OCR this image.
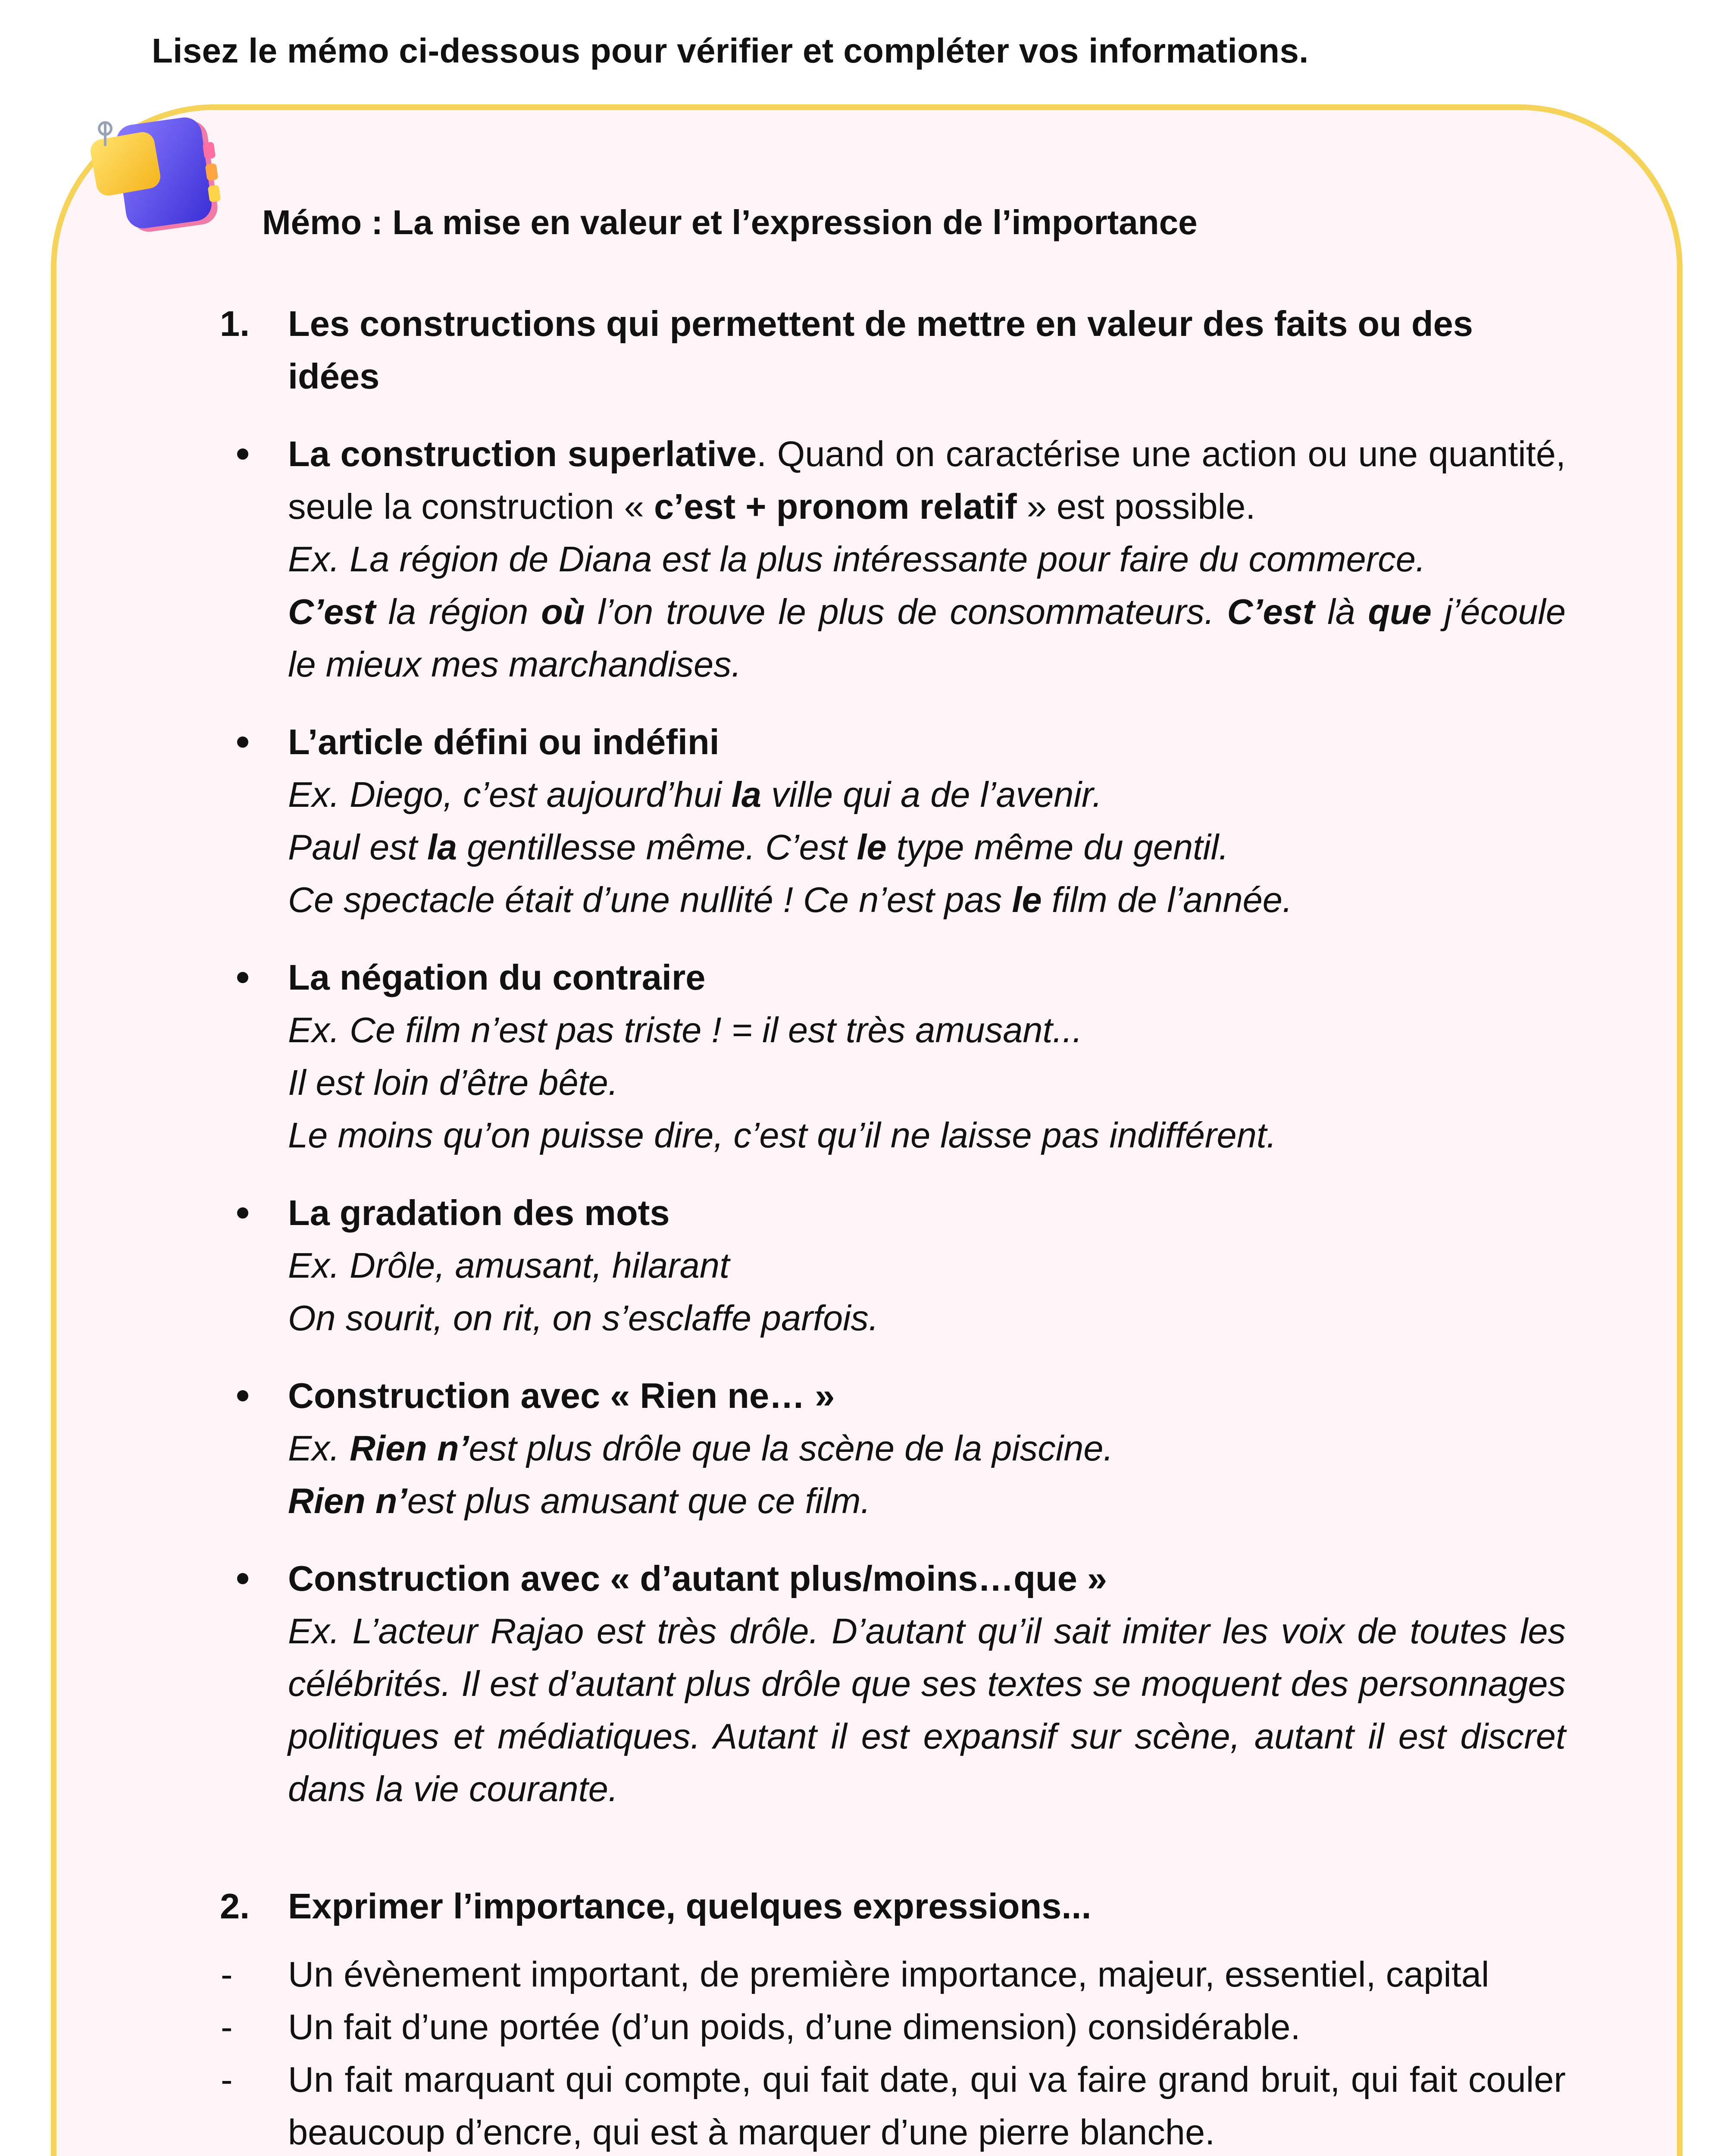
Lisez le mémo ci-dessous pour vérifier et compléter vos informations.
Mémo : La mise en valeur et l’expression de l’importance
1. Les constructions qui permettent de mettre en valeur des faits ou des idées
La construction superlative. Quand on caractérise une action ou une quantité, seule la construction « c’est + pronom relatif » est possible.
Ex. La région de Diana est la plus intéressante pour faire du commerce.
C’est la région où l’on trouve le plus de consommateurs. C’est là que j’écoule le mieux mes marchandises.
L’article défini ou indéfini
Ex. Diego, c’est aujourd’hui la ville qui a de l’avenir.
Paul est la gentillesse même. C’est le type même du gentil.
Ce spectacle était d’une nullité ! Ce n’est pas le film de l’année.
La négation du contraire
Ex. Ce film n’est pas triste ! = il est très amusant...
Il est loin d’être bête.
Le moins qu’on puisse dire, c’est qu’il ne laisse pas indifférent.
La gradation des mots
Ex. Drôle, amusant, hilarant
On sourit, on rit, on s’esclaffe parfois.
Construction avec « Rien ne… »
Ex. Rien n’est plus drôle que la scène de la piscine.
Rien n’est plus amusant que ce film.
Construction avec « d’autant plus/moins…que »
Ex. L’acteur Rajao est très drôle. D’autant qu’il sait imiter les voix de toutes les célébrités. Il est d’autant plus drôle que ses textes se moquent des personnages politiques et médiatiques. Autant il est expansif sur scène, autant il est discret dans la vie courante.
2. Exprimer l’importance, quelques expressions...
- Un évènement important, de première importance, majeur, essentiel, capital
- Un fait d’une portée (d’un poids, d’une dimension) considérable.
- Un fait marquant qui compte, qui fait date, qui va faire grand bruit, qui fait couler beaucoup d’encre, qui est à marquer d’une pierre blanche.
